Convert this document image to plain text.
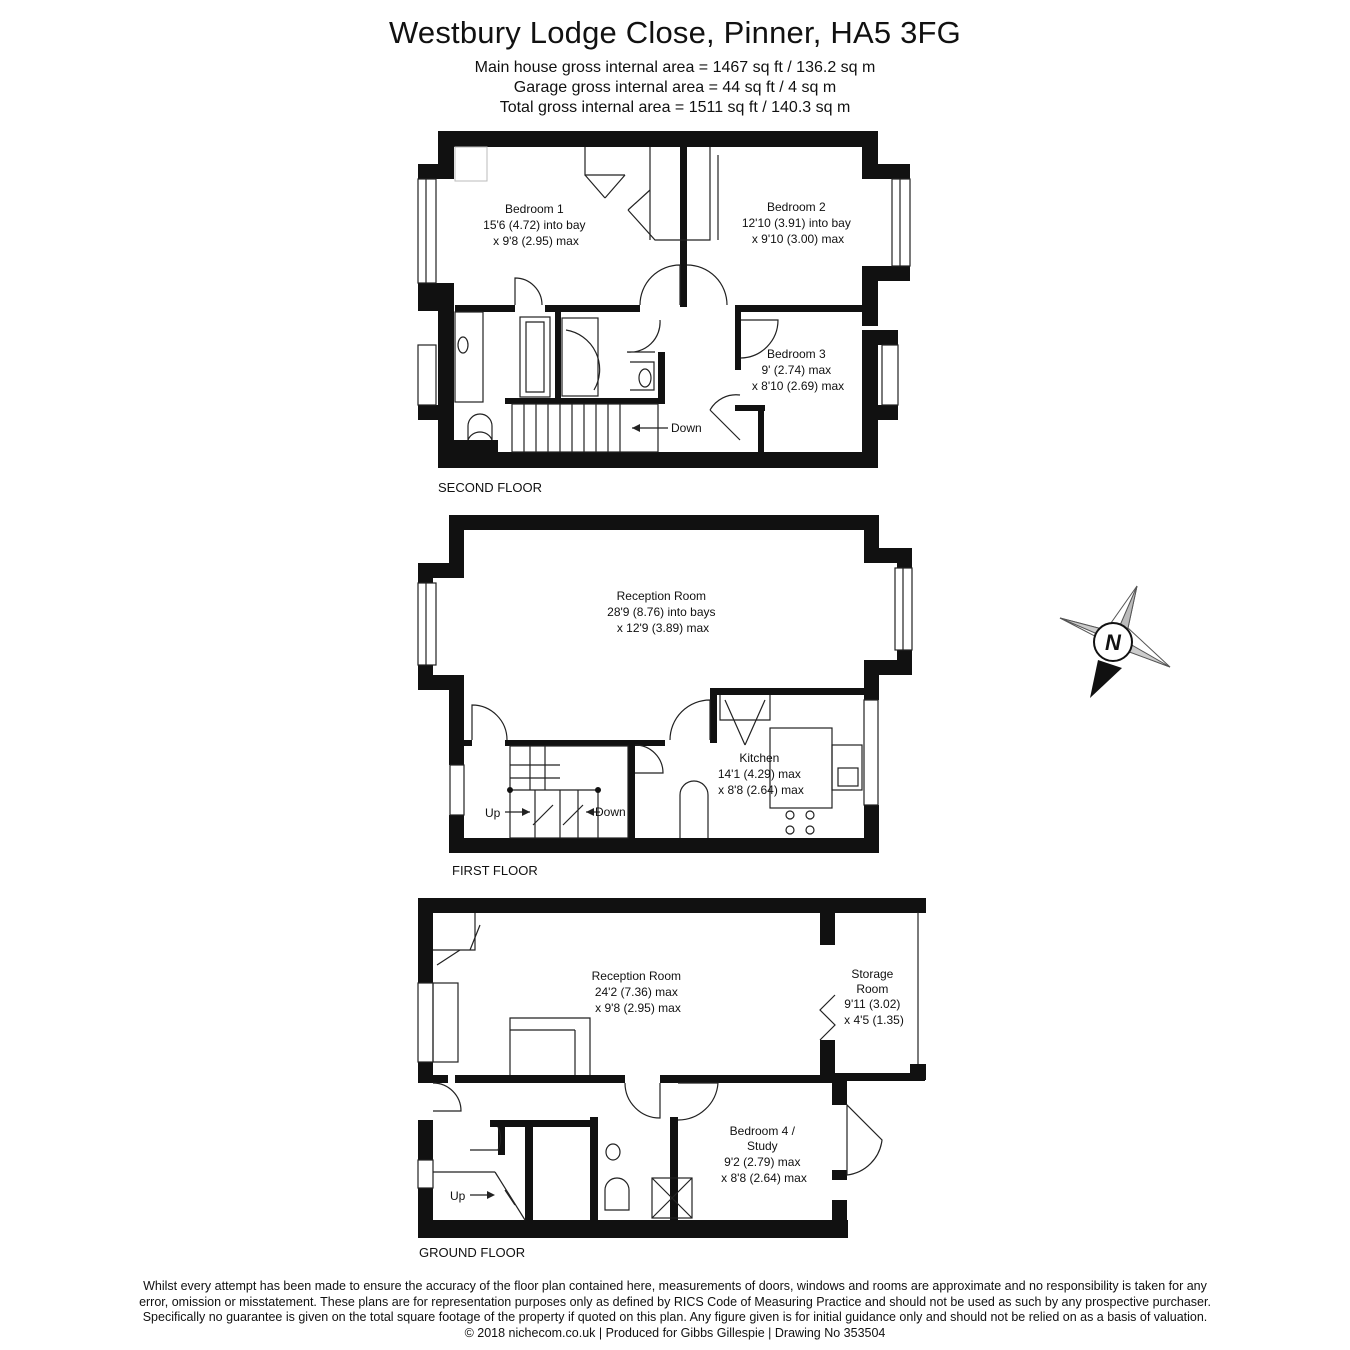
Westbury Lodge Close, Pinner, HA5 3FG
Main house gross internal area = 1467 sq ft / 136.2 sq m
Garage gross internal area = 44 sq ft / 4 sq m
Total gross internal area = 1511 sq ft / 140.3 sq m
Bedroom 1 15'6 (4.72) into bay x 9'8 (2.95) max
Bedroom 2 12'10 (3.91) into bay x 9'10 (3.00) max
Bedroom 3 9' (2.74) max x 8'10 (2.69) max
Down
SECOND FLOOR
Reception Room 28'9 (8.76) into bays x 12'9 (3.89) max
Kitchen 14'1 (4.29) max x 8'8 (2.64) max
Up	Down
FIRST FLOOR
Reception Room 24'2 (7.36) max x 9'8 (2.95) max
Storage Room 9'11 (3.02) x 4'5 (1.35)
Bedroom 4 / Study 9'2 (2.79) max x 8'8 (2.64) max
Up
GROUND FLOOR
N
Whilst every attempt has been made to ensure the accuracy of the floor plan contained here, measurements of doors, windows and rooms are approximate and no responsibility is taken for any
error, omission or misstatement. These plans are for representation purposes only as defined by RICS Code of Measuring Practice and should not be used as such by any prospective purchaser.
Specifically no guarantee is given on the total square footage of the property if quoted on this plan. Any figure given is for initial guidance only and should not be relied on as a basis of valuation.
© 2018 nichecom.co.uk | Produced for Gibbs Gillespie | Drawing No 353504
